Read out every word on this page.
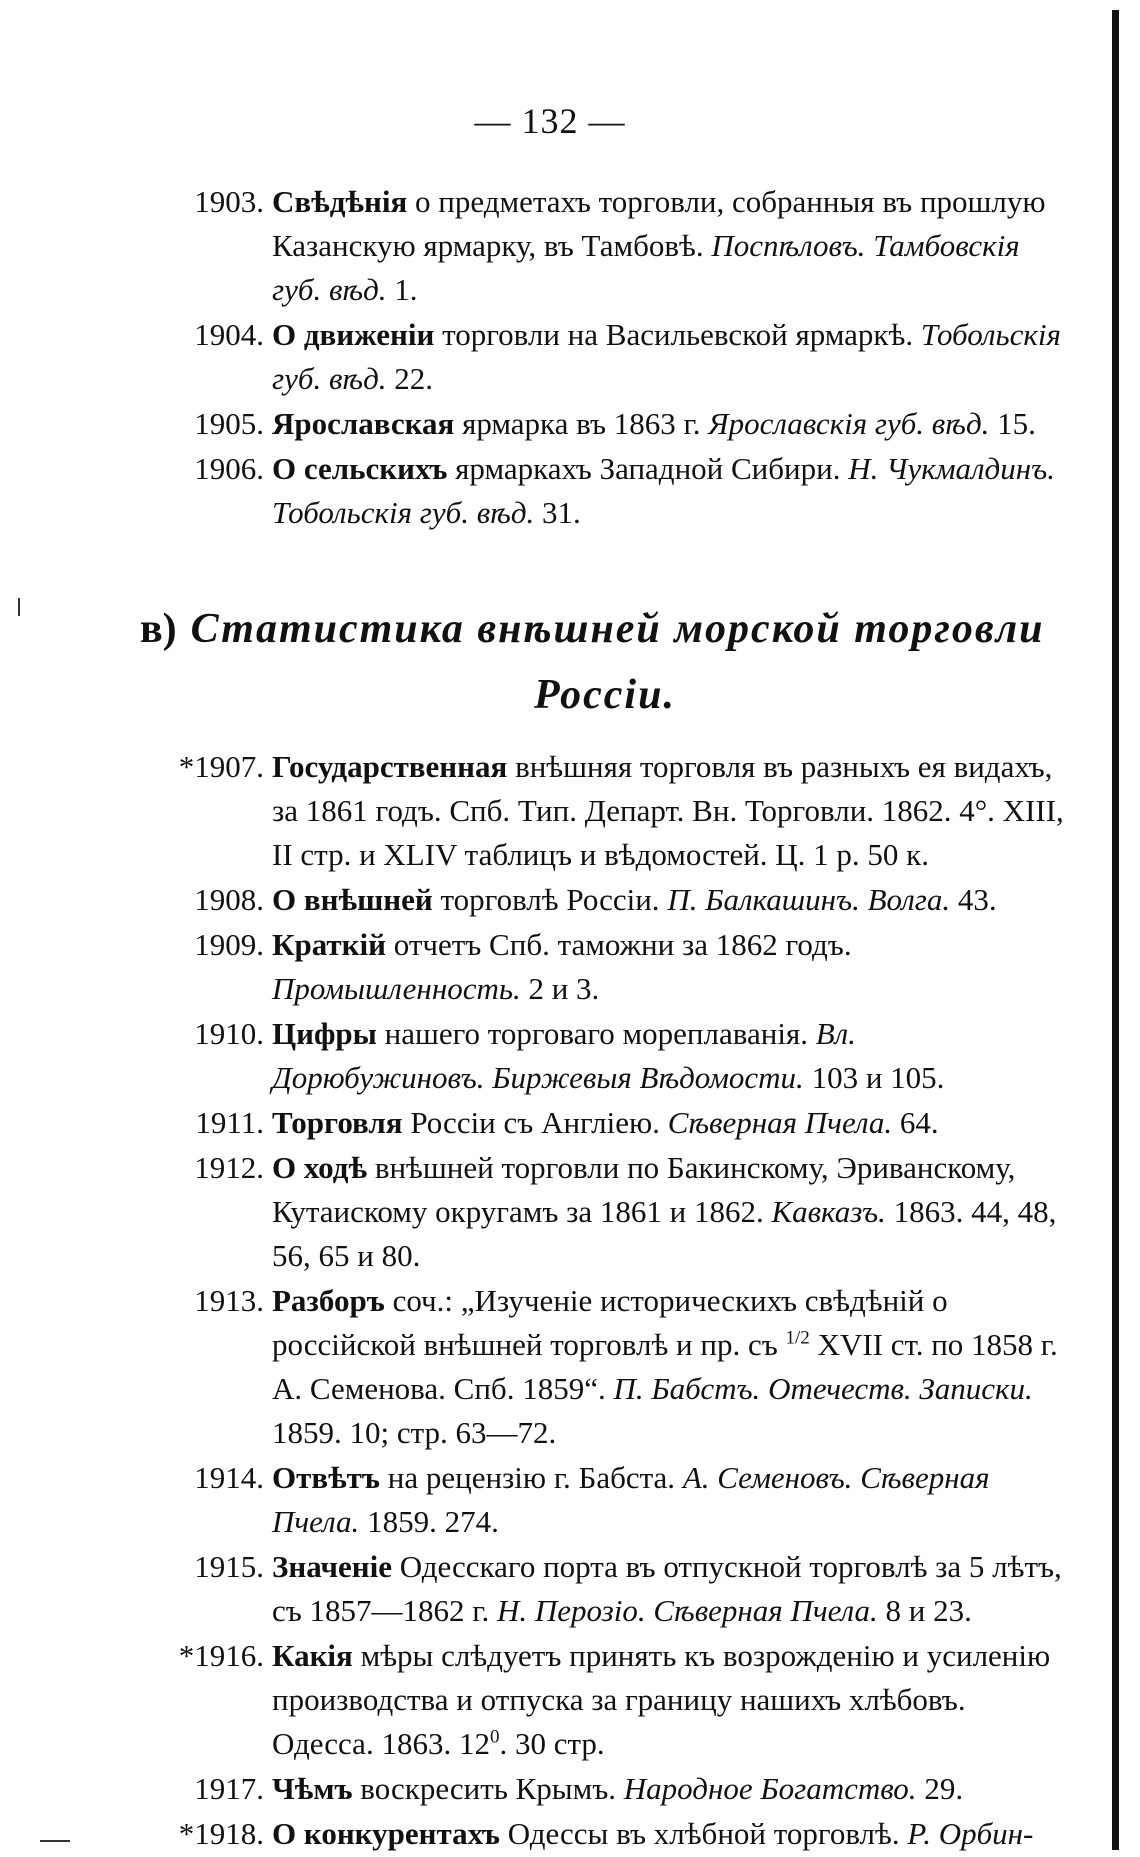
— 132 —
1903. Свѣдѣнія о предметахъ торговли, собранныя въ прошлую Казанскую ярмарку, въ Тамбовѣ. Поспѣловъ. Тамбовскія губ. вѣд. 1.
1904. О движеніи торговли на Васильевской ярмаркѣ. Тобольскія губ. вѣд. 22.
1905. Ярославская ярмарка въ 1863 г. Ярославскія губ. вѣд. 15.
1906. О сельскихъ ярмаркахъ Западной Сибири. Н. Чукмалдинъ. Тобольскія губ. вѣд. 31.
в) Статистика внѣшней морской торговли
Россіи.
*1907. Государственная внѣшняя торговля въ разныхъ ея видахъ, за 1861 годъ. Спб. Тип. Департ. Вн. Торговли. 1862. 4°. XIII, II стр. и XLIV таблицъ и вѣдомостей. Ц. 1 р. 50 к.
1908. О внѣшней торговлѣ Россіи. П. Балкашинъ. Волга. 43.
1909. Краткій отчетъ Спб. таможни за 1862 годъ. Промышленность. 2 и 3.
1910. Цифры нашего торговаго мореплаванія. Вл. Дорюбужиновъ. Биржевыя Вѣдомости. 103 и 105.
1911. Торговля Россіи съ Англіею. Сѣверная Пчела. 64.
1912. О ходѣ внѣшней торговли по Бакинскому, Эриванскому, Кутаискому округамъ за 1861 и 1862. Кавказъ. 1863. 44, 48, 56, 65 и 80.
1913. Разборъ соч.: „Изученіе историческихъ свѣдѣній о россійской внѣшней торговлѣ и пр. съ $^{1/2}$ XVII ст. по 1858 г. А. Семенова. Спб. 1859“. П. Бабстъ. Отечеств. Записки. 1859. 10; стр. 63—72.
1914. Отвѣтъ на рецензію г. Бабста. А. Семеновъ. Сѣверная Пчела. 1859. 274.
1915. Значеніе Одесскаго порта въ отпускной торговлѣ за 5 лѣтъ, съ 1857—1862 г. Н. Перозіо. Сѣверная Пчела. 8 и 23.
*1916. Какія мѣры слѣдуетъ принять къ возрожденію и усиленію производства и отпуска за границу нашихъ хлѣбовъ. Одесса. 1863. $12^0$. 30 стр.
1917. Чѣмъ воскресить Крымъ. Народное Богатство. 29.
*1918. О конкурентахъ Одессы въ хлѣбной торговлѣ. Р. Орбин-
